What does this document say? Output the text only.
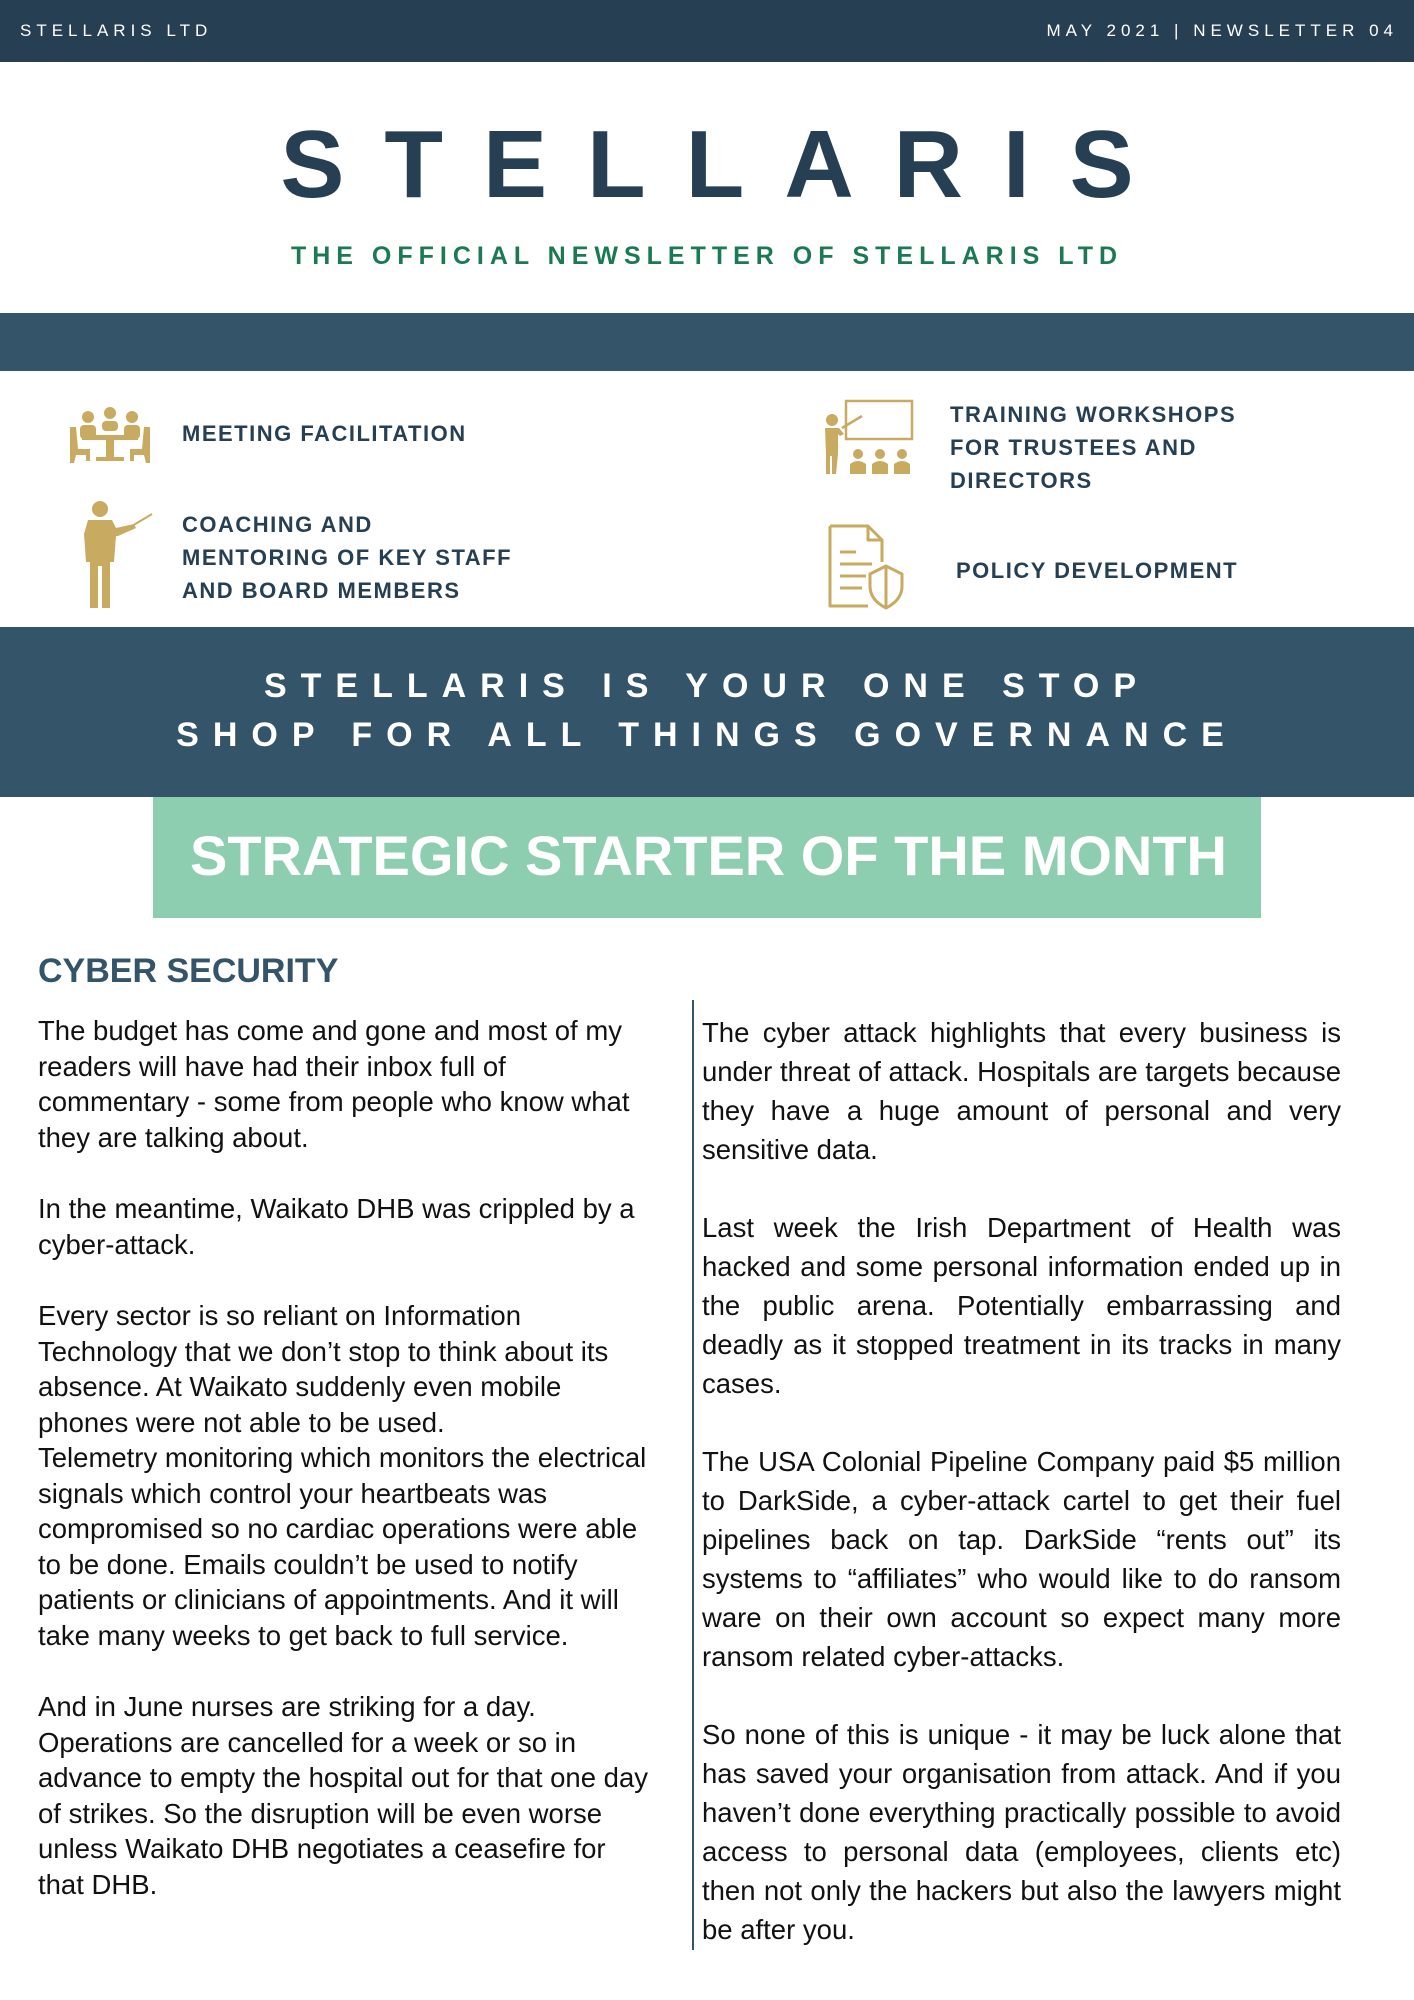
STELLARIS LTD	MAY 2021 | NEWSLETTER 04
STELLARIS
THE OFFICIAL NEWSLETTER OF STELLARIS LTD
MEETING FACILITATION
TRAINING WORKSHOPS
FOR TRUSTEES AND
DIRECTORS
COACHING AND
MENTORING OF KEY STAFF
AND BOARD MEMBERS
POLICY DEVELOPMENT
STELLARIS IS YOUR ONE STOP
SHOP FOR ALL THINGS GOVERNANCE
STRATEGIC STARTER OF THE MONTH
CYBER SECURITY

The budget has come and gone and most of my readers will have had their inbox full of commentary - some from people who know what they are talking about.

In the meantime, Waikato DHB was crippled by a cyber-attack.

Every sector is so reliant on Information Technology that we don’t stop to think about its absence. At Waikato suddenly even mobile phones were not able to be used.

Telemetry monitoring which monitors the electrical signals which control your heartbeats was compromised so no cardiac operations were able to be done. Emails couldn’t be used to notify patients or clinicians of appointments. And it will take many weeks to get back to full service.

And in June nurses are striking for a day. Operations are cancelled for a week or so in advance to empty the hospital out for that one day of strikes. So the disruption will be even worse unless Waikato DHB negotiates a ceasefire for that DHB.

The cyber attack highlights that every business is under threat of attack. Hospitals are targets because they have a huge amount of personal and very sensitive data.

Last week the Irish Department of Health was hacked and some personal information ended up in the public arena. Potentially embarrassing and deadly as it stopped treatment in its tracks in many cases.

The USA Colonial Pipeline Company paid $5 million to DarkSide, a cyber-attack cartel to get their fuel pipelines back on tap. DarkSide “rents out” its systems to “affiliates” who would like to do ransom ware on their own account so expect many more ransom related cyber-attacks.

So none of this is unique - it may be luck alone that has saved your organisation from attack. And if you haven’t done everything practically possible to avoid access to personal data (employees, clients etc) then not only the hackers but also the lawyers might be after you.
